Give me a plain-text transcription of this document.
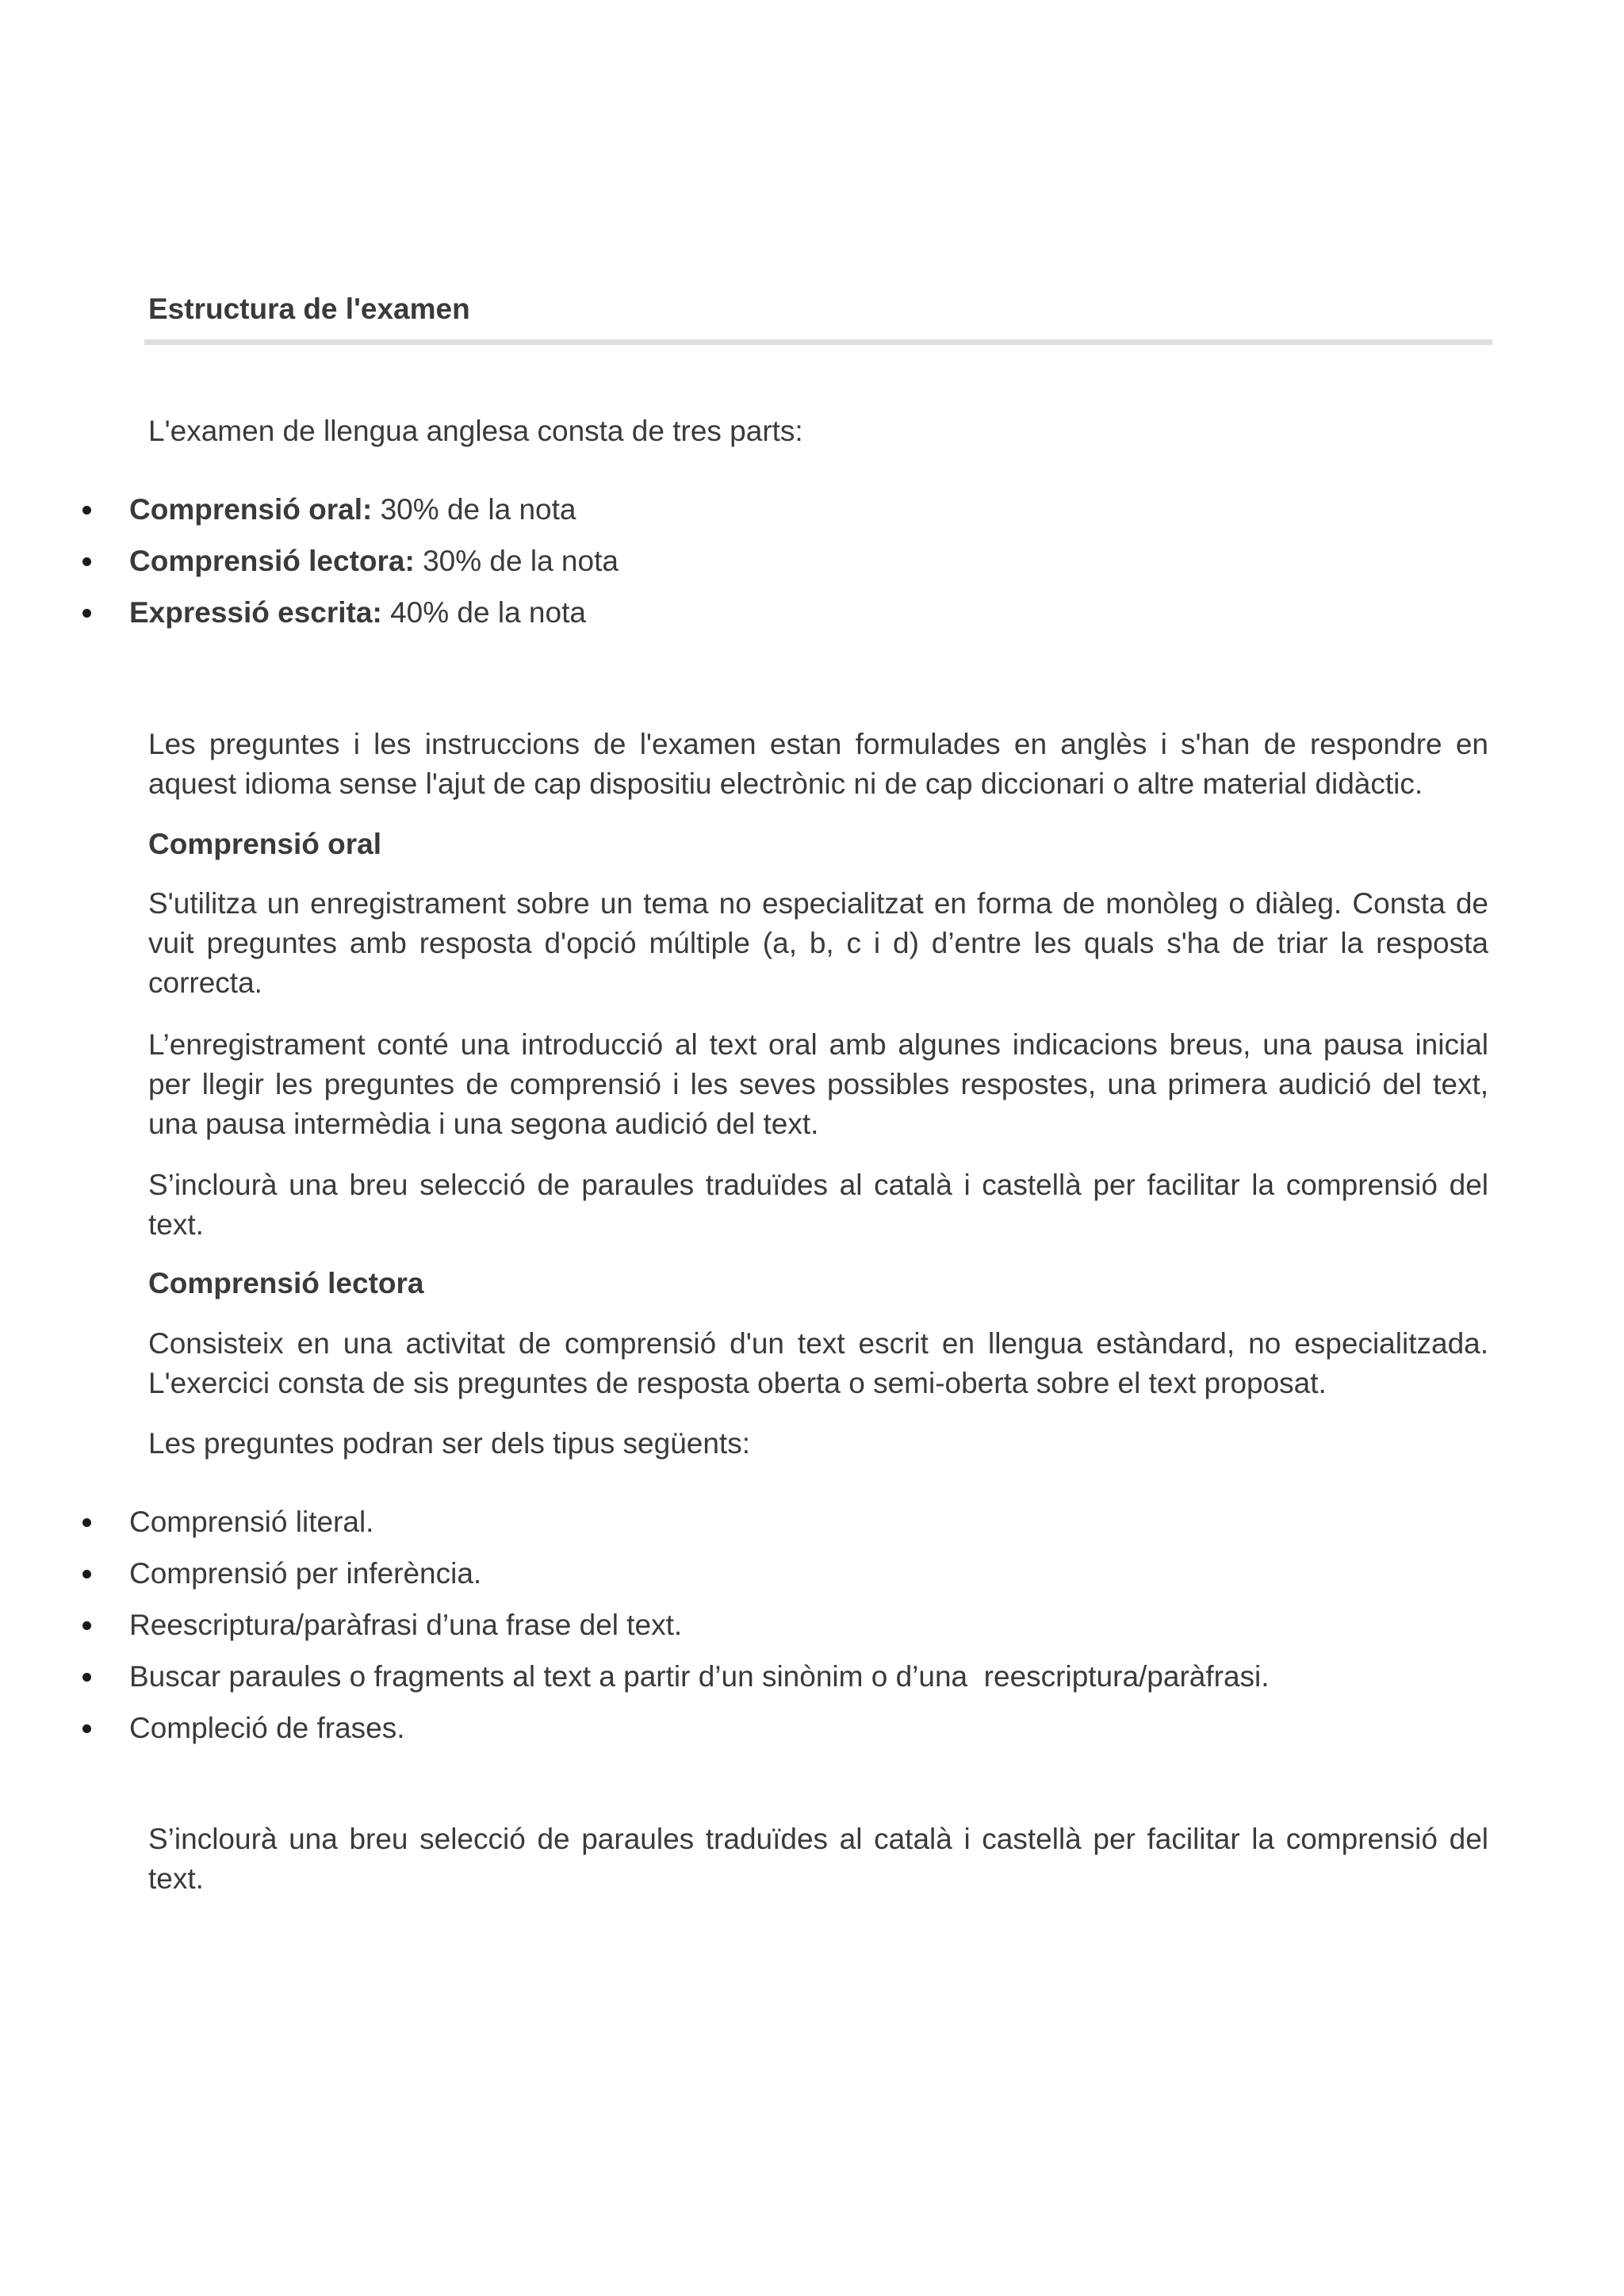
Estructura de l'examen

L'examen de llengua anglesa consta de tres parts:

Comprensió oral: 30% de la nota
Comprensió lectora: 30% de la nota
Expressió escrita: 40% de la nota

Les preguntes i les instruccions de l'examen estan formulades en anglès i s'han de respondre en aquest idioma sense l'ajut de cap dispositiu electrònic ni de cap diccionari o altre material didàctic.

Comprensió oral

S'utilitza un enregistrament sobre un tema no especialitzat en forma de monòleg o diàleg. Consta de vuit preguntes amb resposta d'opció múltiple (a, b, c i d) d’entre les quals s'ha de triar la resposta correcta.

L’enregistrament conté una introducció al text oral amb algunes indicacions breus, una pausa inicial per llegir les preguntes de comprensió i les seves possibles respostes, una primera audició del text, una pausa intermèdia i una segona audició del text.

S’inclourà una breu selecció de paraules traduïdes al català i castellà per facilitar la comprensió del text.

Comprensió lectora

Consisteix en una activitat de comprensió d'un text escrit en llengua estàndard, no especialitzada. L'exercici consta de sis preguntes de resposta oberta o semi-oberta sobre el text proposat.

Les preguntes podran ser dels tipus següents:

Comprensió literal.
Comprensió per inferència.
Reescriptura/paràfrasi d’una frase del text.
Buscar paraules o fragments al text a partir d’un sinònim o d’una  reescriptura/paràfrasi.
Compleció de frases.

S’inclourà una breu selecció de paraules traduïdes al català i castellà per facilitar la comprensió del text.
